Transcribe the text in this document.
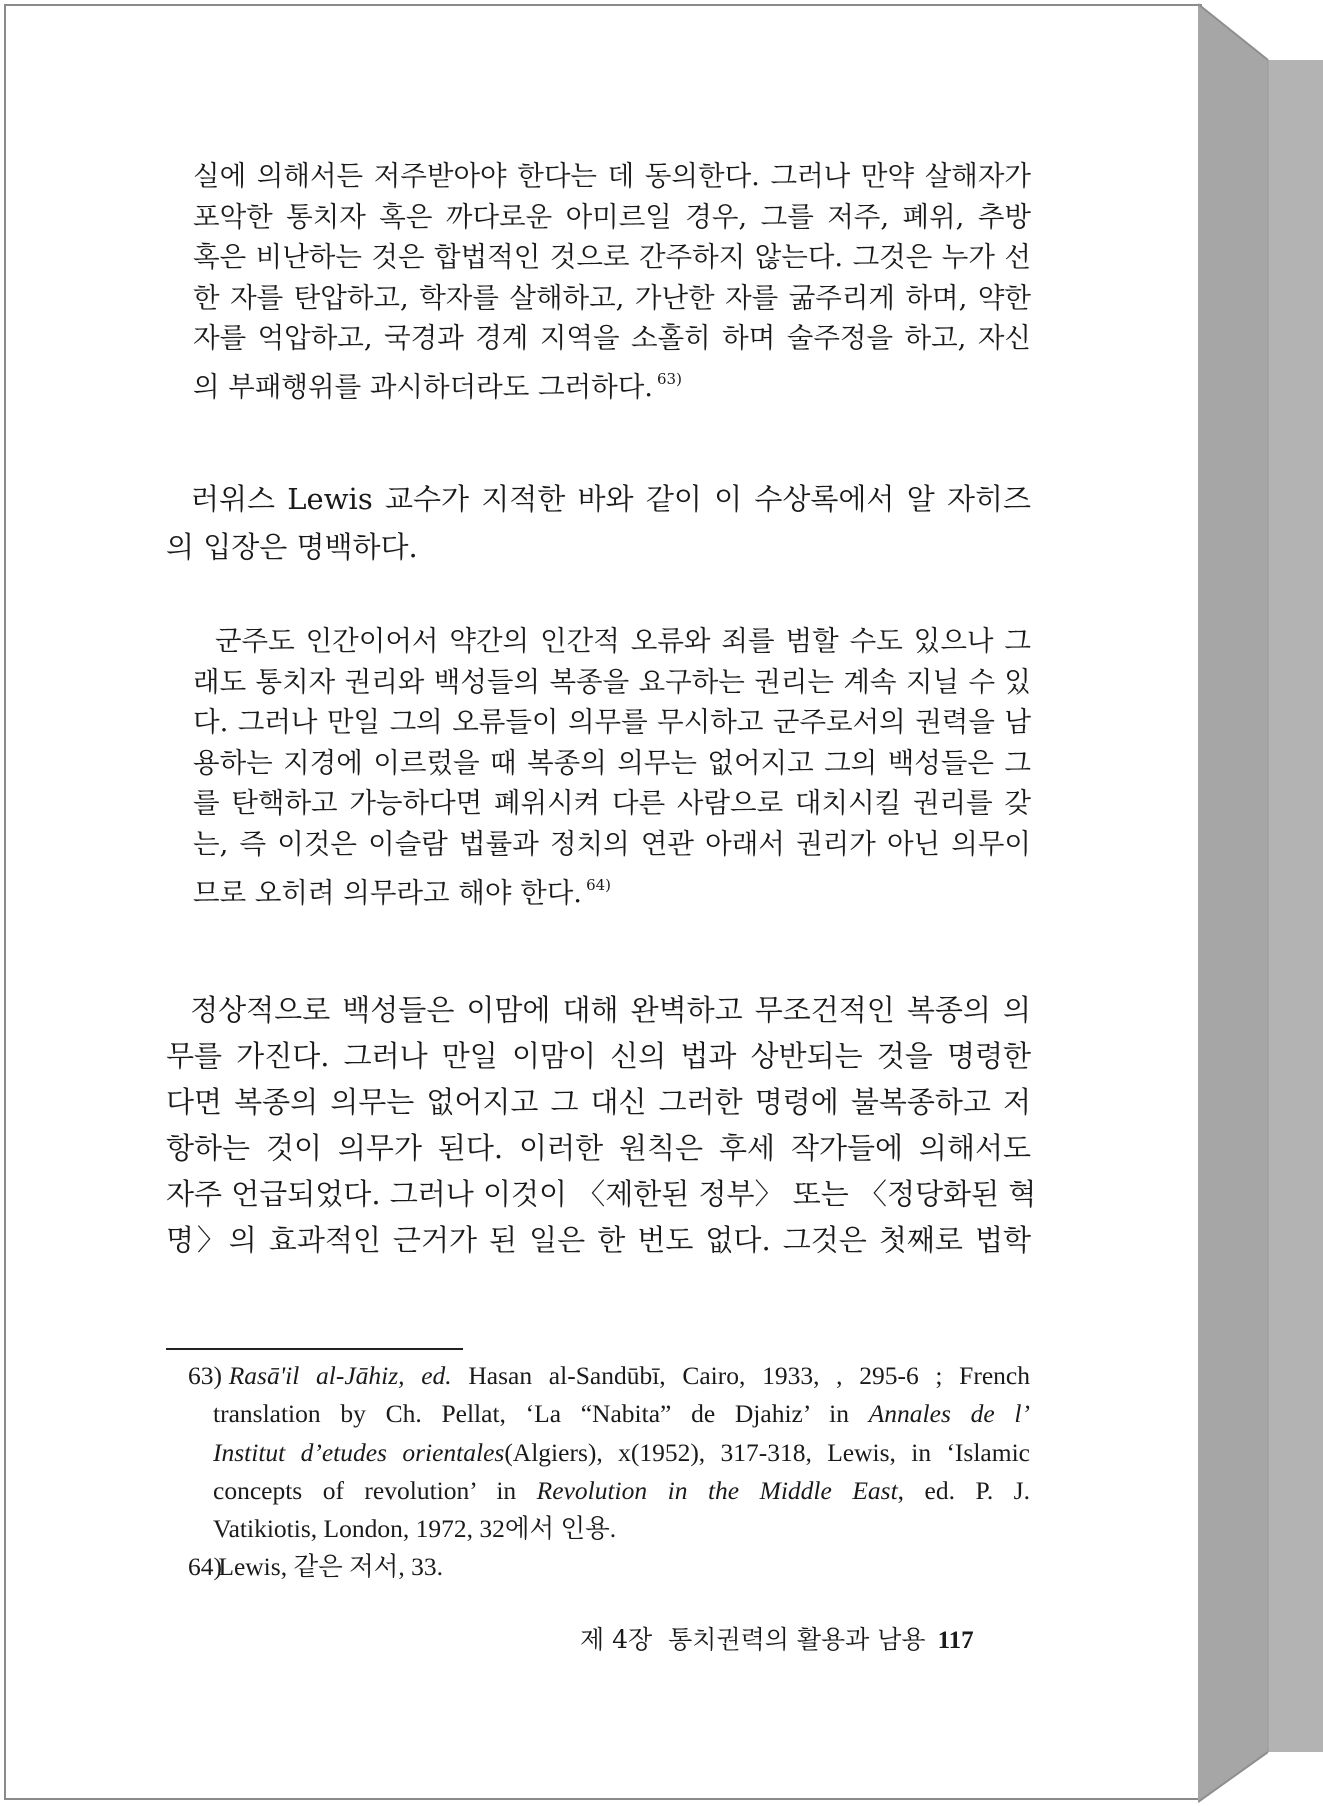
실에 의해서든 저주받아야 한다는 데 동의한다. 그러나 만약 살해자가
포악한 통치자 혹은 까다로운 아미르일 경우, 그를 저주, 폐위, 추방
혹은 비난하는 것은 합법적인 것으로 간주하지 않는다. 그것은 누가 선
한 자를 탄압하고, 학자를 살해하고, 가난한 자를 굶주리게 하며, 약한
자를 억압하고, 국경과 경계 지역을 소홀히 하며 술주정을 하고, 자신
의 부패행위를 과시하더라도 그러하다. $^{63)}$
러위스 Lewis 교수가 지적한 바와 같이 이 수상록에서 알 자히즈
의 입장은 명백하다.
군주도 인간이어서 약간의 인간적 오류와 죄를 범할 수도 있으나 그
래도 통치자 권리와 백성들의 복종을 요구하는 권리는 계속 지닐 수 있
다. 그러나 만일 그의 오류들이 의무를 무시하고 군주로서의 권력을 남
용하는 지경에 이르렀을 때 복종의 의무는 없어지고 그의 백성들은 그
를 탄핵하고 가능하다면 폐위시켜 다른 사람으로 대치시킬 권리를 갖
는, 즉 이것은 이슬람 법률과 정치의 연관 아래서 권리가 아닌 의무이
므로 오히려 의무라고 해야 한다. $^{64)}$
정상적으로 백성들은 이맘에 대해 완벽하고 무조건적인 복종의 의
무를 가진다. 그러나 만일 이맘이 신의 법과 상반되는 것을 명령한
다면 복종의 의무는 없어지고 그 대신 그러한 명령에 불복종하고 저
항하는 것이 의무가 된다. 이러한 원칙은 후세 작가들에 의해서도
자주 언급되었다. 그러나 이것이 〈제한된 정부〉 또는 〈정당화된 혁
명〉의 효과적인 근거가 된 일은 한 번도 없다. 그것은 첫째로 법학
63) Rasā'il al-Jāhiz, ed. Hasan al-Sandūbī, Cairo, 1933, , 295-6 ; French
translation by Ch. Pellat, ‘La “Nabita” de Djahiz’ in Annales de l’
Institut d’etudes orientales(Algiers), x(1952), 317-318, Lewis, in ‘Islamic
concepts of revolution’ in Revolution in the Middle East, ed. P. J.
Vatikiotis, London, 1972, 32에서 인용.
64) Lewis, 같은 저서, 33.
제 4장 통치권력의 활용과 남용 117
